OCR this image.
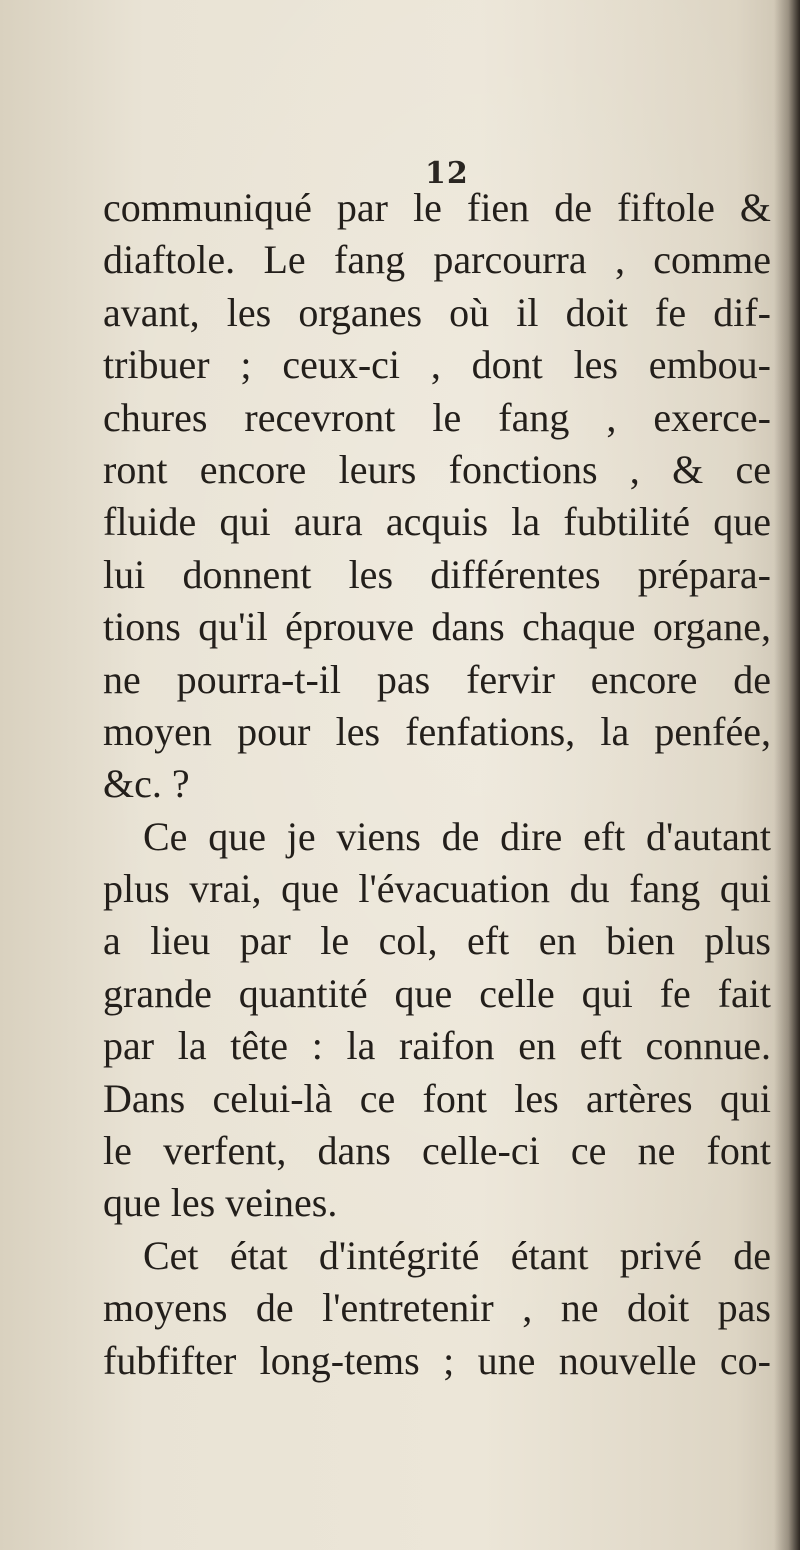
12
communiqué par le fien de fiftole &
diaftole. Le fang parcourra , comme
avant, les organes où il doit fe dif-
tribuer ; ceux-ci , dont les embou-
chures recevront le fang , exerce-
ront encore leurs fonctions , & ce
fluide qui aura acquis la fubtilité que
lui donnent les différentes prépara-
tions qu'il éprouve dans chaque organe,
ne pourra-t-il pas fervir encore de
moyen pour les fenfations, la penfée,
&c. ?
Ce que je viens de dire eft d'autant
plus vrai, que l'évacuation du fang qui
a lieu par le col, eft en bien plus
grande quantité que celle qui fe fait
par la tête : la raifon en eft connue.
Dans celui-là ce font les artères qui
le verfent, dans celle-ci ce ne font
que les veines.
Cet état d'intégrité étant privé de
moyens de l'entretenir , ne doit pas
fubfifter long-tems ; une nouvelle co-
